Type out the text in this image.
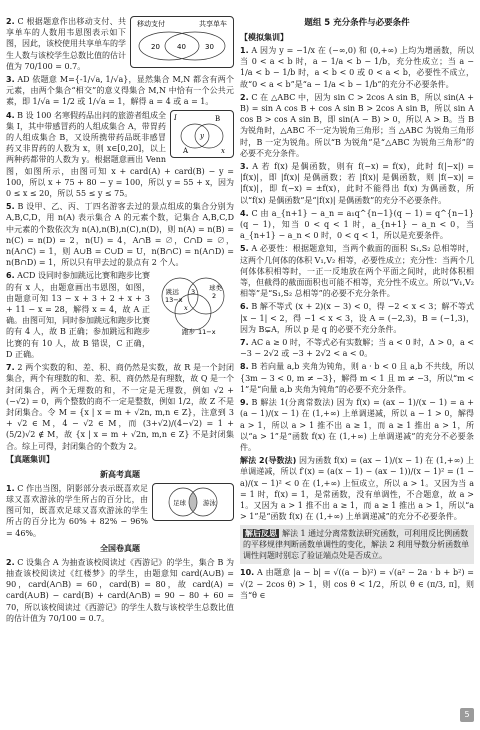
移动支付	共享单车
20 40	30

2. C 根据题意作出移动支付、共享单车的人数用韦恩图表示如下图，因此，该校使用共享单车的学生人数与该校学生总数比值的估计值为 70/100 = 0.7。

3. AD 依题意 M={-1/√a, 1/√a}，显然集合 M,N 都含有两个元素，由两个集合“相交”的意义得集合 M,N 中恰有一个公共元素，即 1/√a = 1/2 或 1/√a = 1，解得 a = 4 或 a = 1。

I
y
x
A
B

4. B 设 100 名寒假药品出问的旅游者组成全集 I，其中带感冒药的人组成集合 A，带胃药的人组成集合 B，又设所携带药品既非感冒药又非胃药的人数为 x，则 x∈[0,20]，以上两种药都带的人数为 y。根据题意画出 Venn 图，如图所示，由图可知 x + card(A) + card(B) − y = 100，所以 x + 75 + 80 − y = 100，所以 y = 55 + x，因为 0 ≤ x ≤ 20，所以 55 ≤ y ≤ 75。

5. B 设甲、乙、丙、丁四名游客去过的景点组成的集合分别为 A,B,C,D，用 n(A) 表示集合 A 的元素个数，记集合 A,B,C,D 中元素的个数依次为 n(A),n(B),n(C),n(D)，则 n(A) = n(B) = n(C) = n(D) = 2，n(U) = 4，A∩B = ∅，C∩D = ∅，n(A∩C) = 1，则 A∪B = C∪D = U，n(B∩C) = n(A∩D) = n(B∩D) = 1，所以只有甲去过的景点有 2 个人。

跳远
13−x
球类
2
3
x
跑步 11−x

6. ACD 设同时参加跳远比赛和跑步比赛的有 x 人，由题意画出韦恩图，如图，由题意可知 13 − x + 3 + 2 + x + 3 + 11 − x = 28，解得 x = 4，故 A 正确。由图可知，同时参加跳远和跑步比赛的有 4 人，故 B 正确；参加跳远和跑步比赛的有 10 人，故 B 错误，C 正确，D 正确。

7. 2 两个实数的和、差、积、商仍然是实数，故 R 是一个封闭集合，两个有理数的和、差、积、商仍然是有理数，故 Q 是一个封闭集合，两个无理数的和，不一定是无理数，例如 √2 + (−√2) = 0，两个整数的商不一定是整数，例如 1/2，故 Z 不是封闭集合。令 M = {x | x = m + √2n, m,n ∈ Z}，注意到 3 + √2 ∈ M，4 − √2 ∈ M，而 (3+√2)/(4−√2) = 1 + (5/2)√2 ∉ M，故 {x | x = m + √2n, m,n ∈ Z} 不是封闭集合。综上可得，封闭集合的个数为 2。

【真题集训】
新高考真题
足球	游泳

1. C 作出当图，阴影部分表示既喜欢足球又喜欢游泳的学生所占的百分比，由图可知，既喜欢足球又喜欢游泳的学生所占的百分比为 60% + 82% − 96% = 46%。

全国卷真题

2. C 设集合 A 为抽查该校阅读过《西游记》的学生，集合 B 为抽查该校阅读过《红楼梦》的学生，由题意知 card(A∪B) = 90，card(A∩B) = 60，card(B) = 80，故 card(A) = card(A∪B) − card(B) + card(A∩B) = 90 − 80 + 60 = 70，所以该校阅读过《西游记》的学生人数与该校学生总数比值的估计值为 70/100 = 0.7。

题组 5 充分条件与必要条件
【模拟集训】

1. A 因为 y = −1/x 在 (−∞,0) 和 (0,+∞) 上均为增函数，所以当 0 < a < b 时，a − 1/a < b − 1/b，充分性成立；当 a − 1/a < b − 1/b 时，a < b < 0 或 0 < a < b，必要性不成立，故“0 < a < b”是“a − 1/a < b − 1/b”的充分不必要条件。

2. C 在 △ABC 中，因为 sin C > 2cos A sin B，所以 sin(A + B) = sin A cos B + cos A sin B > 2cos A sin B，所以 sin A cos B > cos A sin B，即 sin(A − B) > 0，所以 A > B。当 B 为锐角时，△ABC 不一定为锐角三角形；当 △ABC 为锐角三角形时，B 一定为锐角。所以“B 为锐角”是“△ABC 为锐角三角形”的必要不充分条件。

3. A 若 f(x) 是偶函数，则有 f(−x) = f(x)，此时 f(|−x|) = |f(x)|，即 |f(x)| 是偶函数；若 |f(x)| 是偶函数，则 |f(−x)| = |f(x)|，即 f(−x) = ±f(x)，此时不能得出 f(x) 为偶函数，所以“f(x) 是偶函数”是“|f(x)| 是偶函数”的充分不必要条件。

4. C 由 a_{n+1} − a_n = a₁q^{n−1}(q − 1) = q^{n−1}(q − 1)，知当 0 < q < 1 时，a_{n+1} − a_n < 0，当 a_{n+1} − a_n < 0 时，0 < q < 1，所以是充要条件。

5. A 必要性：根据题意知，当两个截面的面积 S₁,S₂ 总相等时，这两个几何体的体积 V₁,V₂ 相等，必要性成立；充分性：当两个几何体体积相等时，一正一反地放在两个平面之间时，此时体积相等，但截得的截面面积也可能不相等，充分性不成立。所以“V₁,V₂ 相等”是“S₁,S₂ 总相等”的必要不充分条件。

6. B 解不等式 (x + 2)(x − 3) < 0，得 −2 < x < 3；解不等式 |x − 1| < 2，得 −1 < x < 3，设 A = (−2,3)，B = (−1,3)，因为 B⊊A，所以 p 是 q 的必要不充分条件。

7. AC a ≥ 0 时，不等式必有实数解；当 a < 0 时，Δ > 0，a < −3 − 2√2 或 −3 + 2√2 < a < 0。

8. B 若向量 a,b 夹角为钝角，则 a · b < 0 且 a,b 不共线，所以 {3m − 3 < 0, m ≠ −3}，解得 m < 1 且 m ≠ −3，所以“m < 1”是“向量 a,b 夹角为钝角”的必要不充分条件。

9. B 解法 1(分离常数法) 因为 f(x) = (ax − 1)/(x − 1) = a + (a − 1)/(x − 1) 在 (1,+∞) 上单调递减，所以 a − 1 > 0，解得 a > 1，所以 a > 1 推不出 a ≥ 1，而 a ≥ 1 推出 a > 1，所以“a > 1”是“函数 f(x) 在 (1,+∞) 上单调递减”的充分不必要条件。

解法 2(导数法) 因为函数 f(x) = (ax − 1)/(x − 1) 在 (1,+∞) 上单调递减，所以 f′(x) = (a(x − 1) − (ax − 1))/(x − 1)² = (1 − a)/(x − 1)² < 0 在 (1,+∞) 上恒成立，所以 a > 1。又因为当 a = 1 时，f(x) = 1，是常函数，没有单调性，不合题意，故 a > 1。又因为 a > 1 推不出 a ≥ 1，而 a ≥ 1 推出 a > 1，所以“a > 1”是“函数 f(x) 在 (1,+∞) 上单调递减”的充分不必要条件。

解后反思 解法 1 通过分离常数法研究函数，可利用反比例函数的平移规律判断函数单调性的变化，解法 2 利用导数分析函数单调性问题时别忘了验证端点处是否成立。

10. A 由题意 |a − b| = √((a − b)²) = √(a² − 2a · b + b²) = √(2 − 2cos θ) > 1，则 cos θ < 1/2，所以 θ ∈ (π/3, π]，则当“θ ∈

5
